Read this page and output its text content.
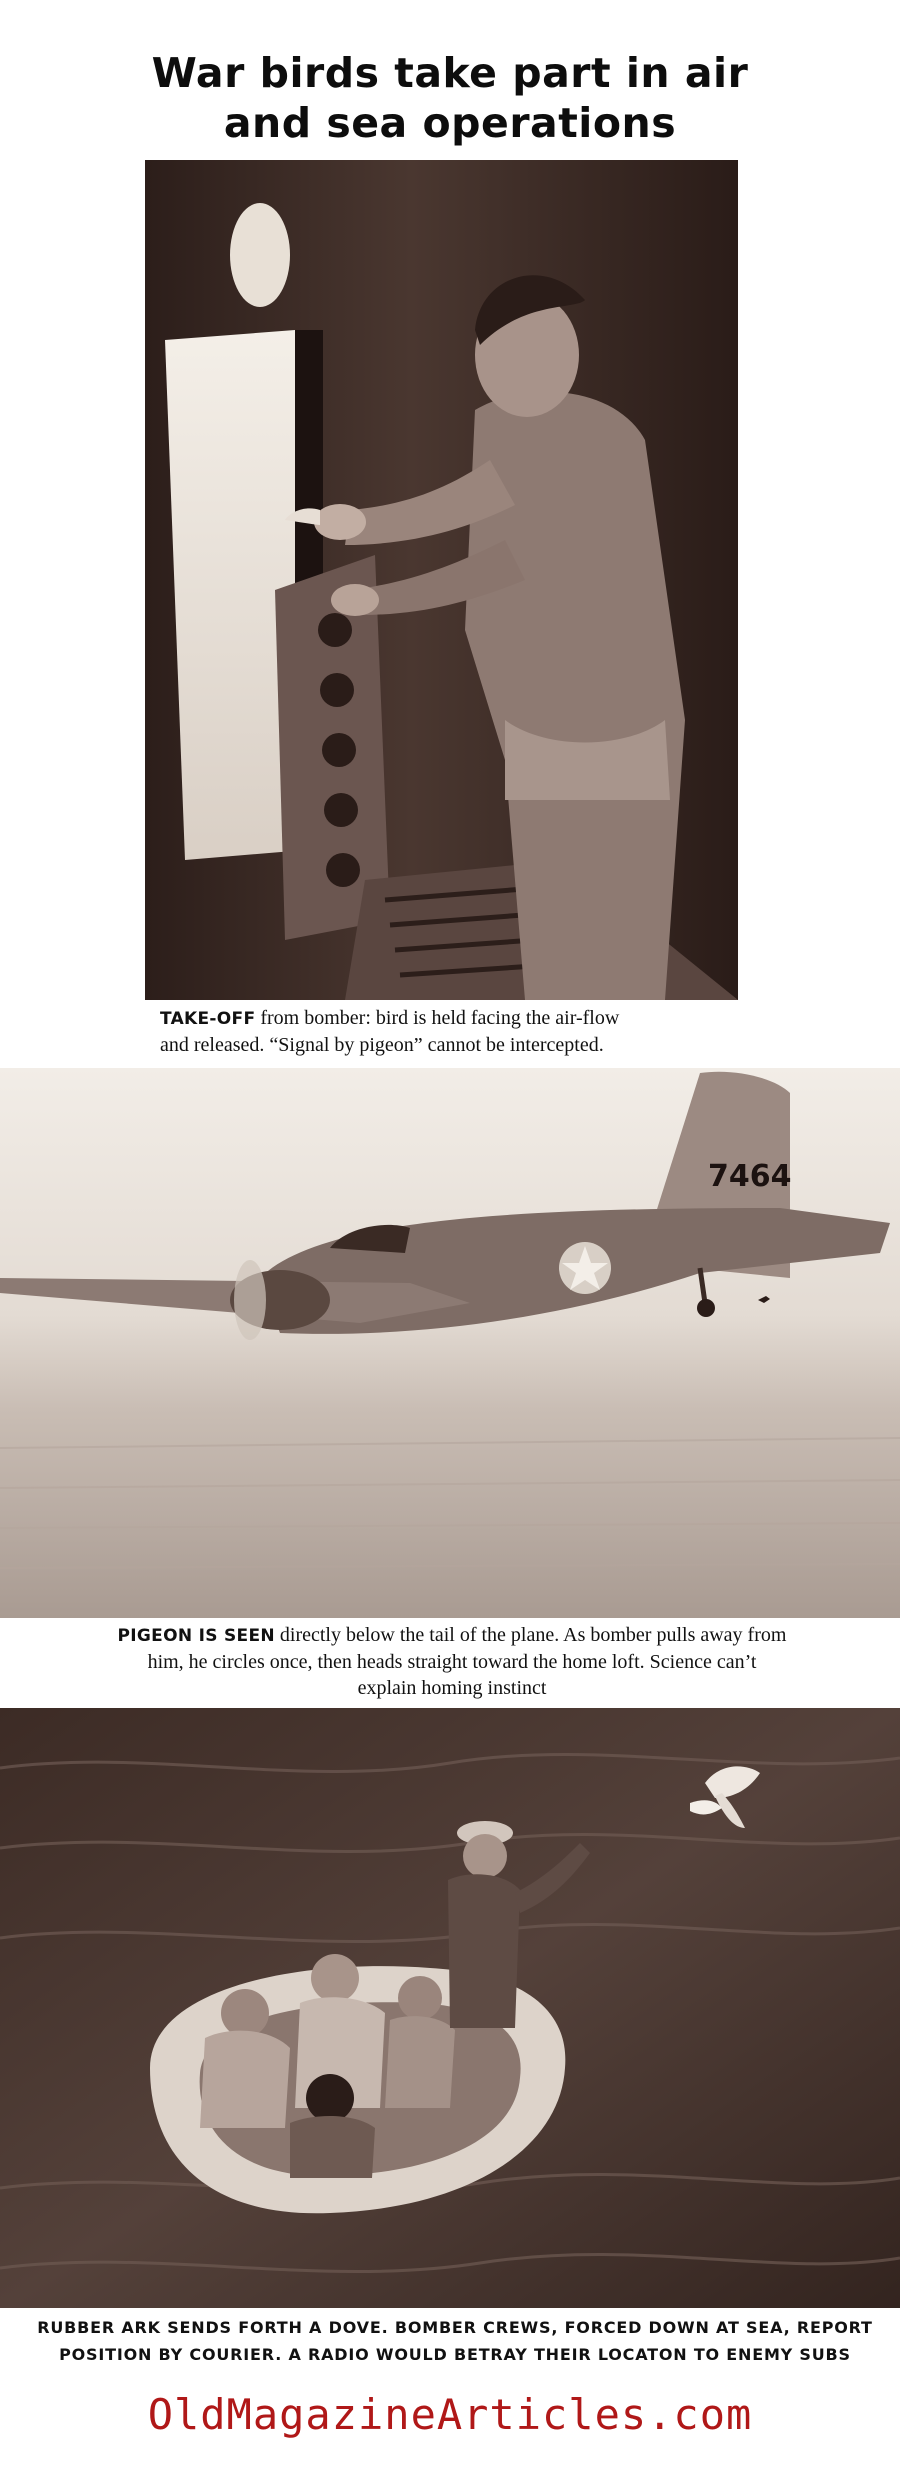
War birds take part in air
and sea operations
TAKE-OFF from bomber: bird is held facing the air-flow
and released. “Signal by pigeon” cannot be intercepted.
7464
PIGEON IS SEEN directly below the tail of the plane. As bomber pulls away from
him, he circles once, then heads straight toward the home loft. Science can’t
explain homing instinct
RUBBER ARK SENDS FORTH A DOVE. BOMBER CREWS, FORCED DOWN AT SEA, REPORT
POSITION BY COURIER. A RADIO WOULD BETRAY THEIR LOCATON TO ENEMY SUBS
OldMagazineArticles.com
